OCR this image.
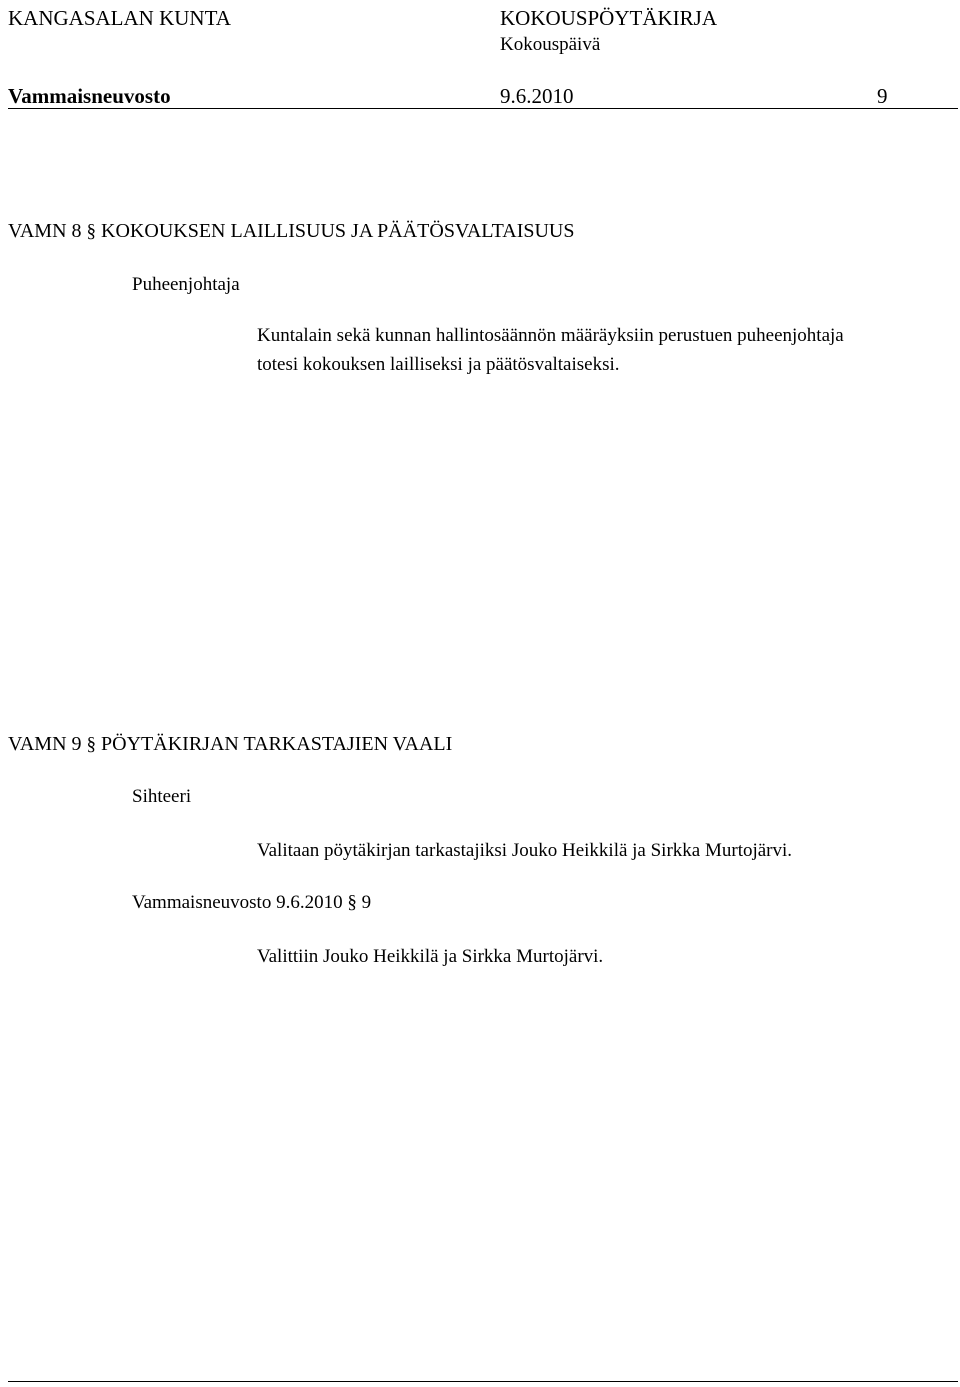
KANGASALAN KUNTA	KOKOUSPÖYTÄKIRJA
Kokouspäivä
Vammaisneuvosto	9.6.2010	9
VAMN 8 § KOKOUKSEN LAILLISUUS JA PÄÄTÖSVALTAISUUS
Puheenjohtaja
Kuntalain sekä kunnan hallintosäännön määräyksiin perustuen puheenjohtaja
totesi kokouksen lailliseksi ja päätösvaltaiseksi.
VAMN 9 § PÖYTÄKIRJAN TARKASTAJIEN VAALI
Sihteeri
Valitaan pöytäkirjan tarkastajiksi Jouko Heikkilä ja Sirkka Murtojärvi.
Vammaisneuvosto 9.6.2010 § 9
Valittiin Jouko Heikkilä ja Sirkka Murtojärvi.
